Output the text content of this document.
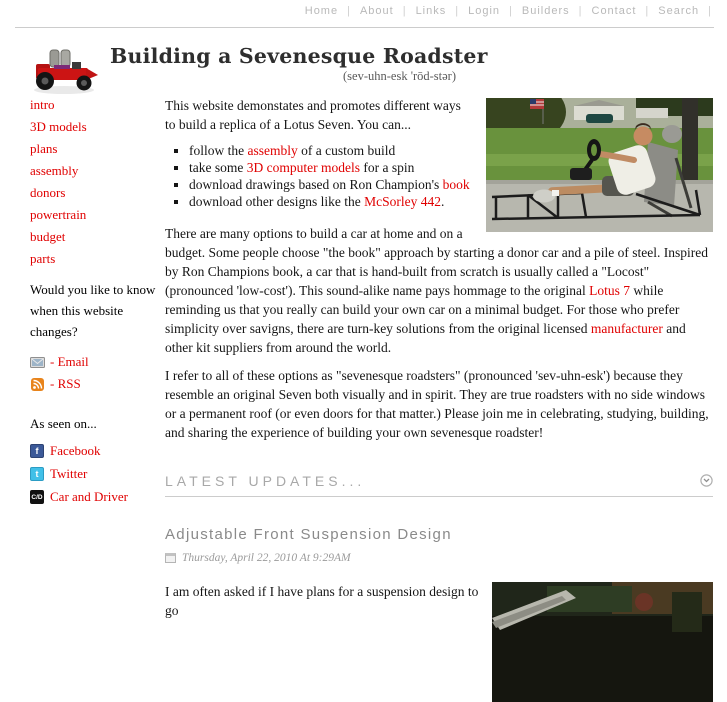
Home | About | Links | Login | Builders | Contact | Search |
Building a Sevenesque Roadster
(sev-uhn-esk 'rōd-stər)
intro
3D models
plans
assembly
donors
powertrain
budget
parts
Would you like to know when this website changes?
- Email
- RSS
As seen on...
f Facebook
t Twitter
C/D Car and Driver

This website demonstates and promotes different ways to build a replica of a Lotus Seven. You can...

▪ follow the assembly of a custom build
▪ take some 3D computer models for a spin
▪ download drawings based on Ron Champion's book
▪ download other designs like the McSorley 442.

There are many options to build a car at home and on a budget. Some people choose "the book" approach by starting a donor car and a pile of steel. Inspired by Ron Champions book, a car that is hand-built from scratch is usually called a "Locost" (pronounced 'low-cost'). This sound-alike name pays hommage to the original Lotus 7 while reminding us that you really can build your own car on a minimal budget. For those who prefer simplicity over savigns, there are turn-key solutions from the original licensed manufacturer and other kit suppliers from around the world.

I refer to all of these options as "sevenesque roadsters" (pronounced 'sev-uhn-esk') because they resemble an original Seven both visually and in spirit. They are true roadsters with no side windows or a permanent roof (or even doors for that matter.) Please join me in celebrating, studying, building, and sharing the experience of building your own sevenesque roadster!

LATEST UPDATES...
Adjustable Front Suspension Design
Thursday, April 22, 2010 At 9:29AM
I am often asked if I have plans for a suspension design to go
